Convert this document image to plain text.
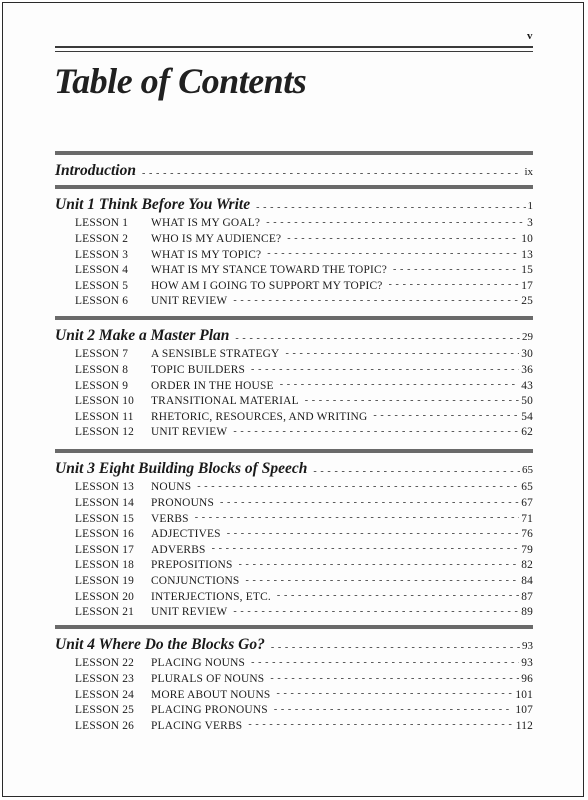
v
Table of Contents
Introduction - - -	ix
Unit 1 Think Before You Write - - -	1
LESSON 1	WHAT IS MY GOAL? - - -	3
LESSON 2	WHO IS MY AUDIENCE? - - -	10
LESSON 3	WHAT IS MY TOPIC? - - -	13
LESSON 4	WHAT IS MY STANCE TOWARD THE TOPIC? - - -	15
LESSON 5	HOW AM I GOING TO SUPPORT MY TOPIC? - - -	17
LESSON 6	UNIT REVIEW - - -	25
Unit 2 Make a Master Plan - - -	29
LESSON 7	A SENSIBLE STRATEGY - - -	30
LESSON 8	TOPIC BUILDERS - - -	36
LESSON 9	ORDER IN THE HOUSE - - -	43
LESSON 10	TRANSITIONAL MATERIAL - - -	50
LESSON 11	RHETORIC, RESOURCES, AND WRITING - - -	54
LESSON 12	UNIT REVIEW - - -	62
Unit 3 Eight Building Blocks of Speech - - -	65
LESSON 13	NOUNS - - -	65
LESSON 14	PRONOUNS - - -	67
LESSON 15	VERBS - - -	71
LESSON 16	ADJECTIVES - - -	76
LESSON 17	ADVERBS - - -	79
LESSON 18	PREPOSITIONS - - -	82
LESSON 19	CONJUNCTIONS - - -	84
LESSON 20	INTERJECTIONS, ETC. - - -	87
LESSON 21	UNIT REVIEW - - -	89
Unit 4 Where Do the Blocks Go? - - -	93
LESSON 22	PLACING NOUNS - - -	93
LESSON 23	PLURALS OF NOUNS - - -	96
LESSON 24	MORE ABOUT NOUNS - - -	101
LESSON 25	PLACING PRONOUNS - - -	107
LESSON 26	PLACING VERBS - - -	112
